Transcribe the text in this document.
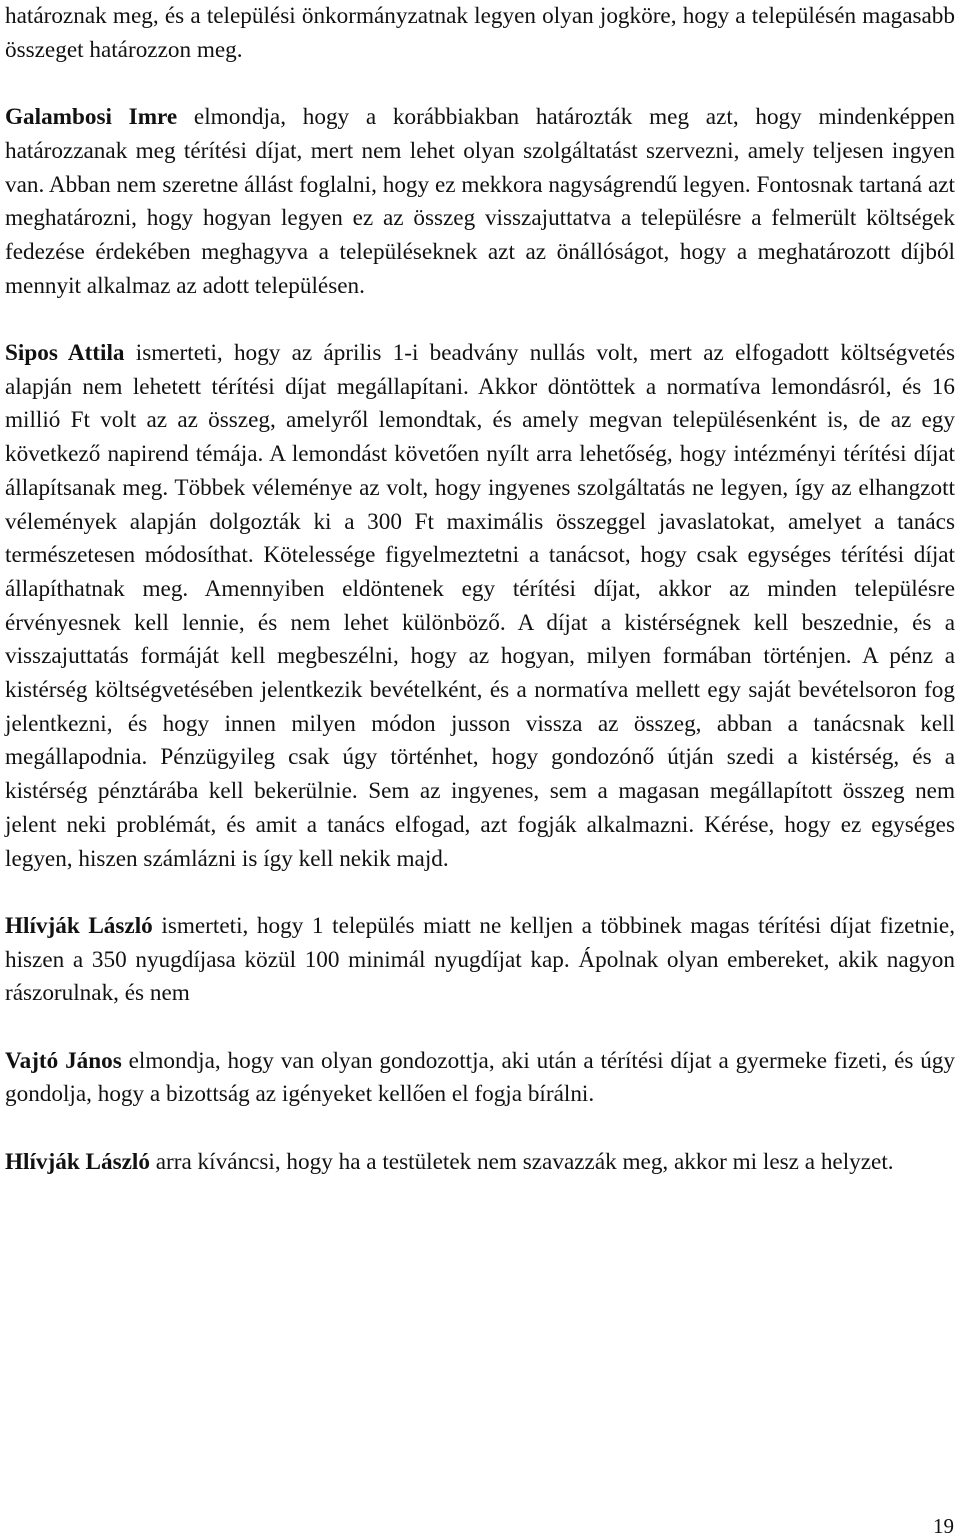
határoznak meg, és a települési önkormányzatnak legyen olyan jogköre, hogy a településén magasabb összeget határozzon meg.

Galambosi Imre elmondja, hogy a korábbiakban határozták meg azt, hogy mindenképpen határozzanak meg térítési díjat, mert nem lehet olyan szolgáltatást szervezni, amely teljesen ingyen van. Abban nem szeretne állást foglalni, hogy ez mekkora nagyságrendű legyen. Fontosnak tartaná azt meghatározni, hogy hogyan legyen ez az összeg visszajuttatva a településre a felmerült költségek fedezése érdekében meghagyva a településeknek azt az önállóságot, hogy a meghatározott díjból mennyit alkalmaz az adott településen.

Sipos Attila ismerteti, hogy az április 1-i beadvány nullás volt, mert az elfogadott költségvetés alapján nem lehetett térítési díjat megállapítani. Akkor döntöttek a normatíva lemondásról, és 16 millió Ft volt az az összeg, amelyről lemondtak, és amely megvan településenként is, de az egy következő napirend témája. A lemondást követően nyílt arra lehetőség, hogy intézményi térítési díjat állapítsanak meg. Többek véleménye az volt, hogy ingyenes szolgáltatás ne legyen, így az elhangzott vélemények alapján dolgozták ki a 300 Ft maximális összeggel javaslatokat, amelyet a tanács természetesen módosíthat. Kötelessége figyelmeztetni a tanácsot, hogy csak egységes térítési díjat állapíthatnak meg. Amennyiben eldöntenek egy térítési díjat, akkor az minden településre érvényesnek kell lennie, és nem lehet különböző. A díjat a kistérségnek kell beszednie, és a visszajuttatás formáját kell megbeszélni, hogy az hogyan, milyen formában történjen. A pénz a kistérség költségvetésében jelentkezik bevételként, és a normatíva mellett egy saját bevételsoron fog jelentkezni, és hogy innen milyen módon jusson vissza az összeg, abban a tanácsnak kell megállapodnia. Pénzügyileg csak úgy történhet, hogy gondozónő útján szedi a kistérség, és a kistérség pénztárába kell bekerülnie. Sem az ingyenes, sem a magasan megállapított összeg nem jelent neki problémát, és amit a tanács elfogad, azt fogják alkalmazni. Kérése, hogy ez egységes legyen, hiszen számlázni is így kell nekik majd.

Hlívják László ismerteti, hogy 1 település miatt ne kelljen a többinek magas térítési díjat fizetnie, hiszen a 350 nyugdíjasa közül 100 minimál nyugdíjat kap. Ápolnak olyan embereket, akik nagyon rászorulnak, és nem

Vajtó János elmondja, hogy van olyan gondozottja, aki után a térítési díjat a gyermeke fizeti, és úgy gondolja, hogy a bizottság az igényeket kellően el fogja bírálni.

Hlívják László arra kíváncsi, hogy ha a testületek nem szavazzák meg, akkor mi lesz a helyzet.

19
